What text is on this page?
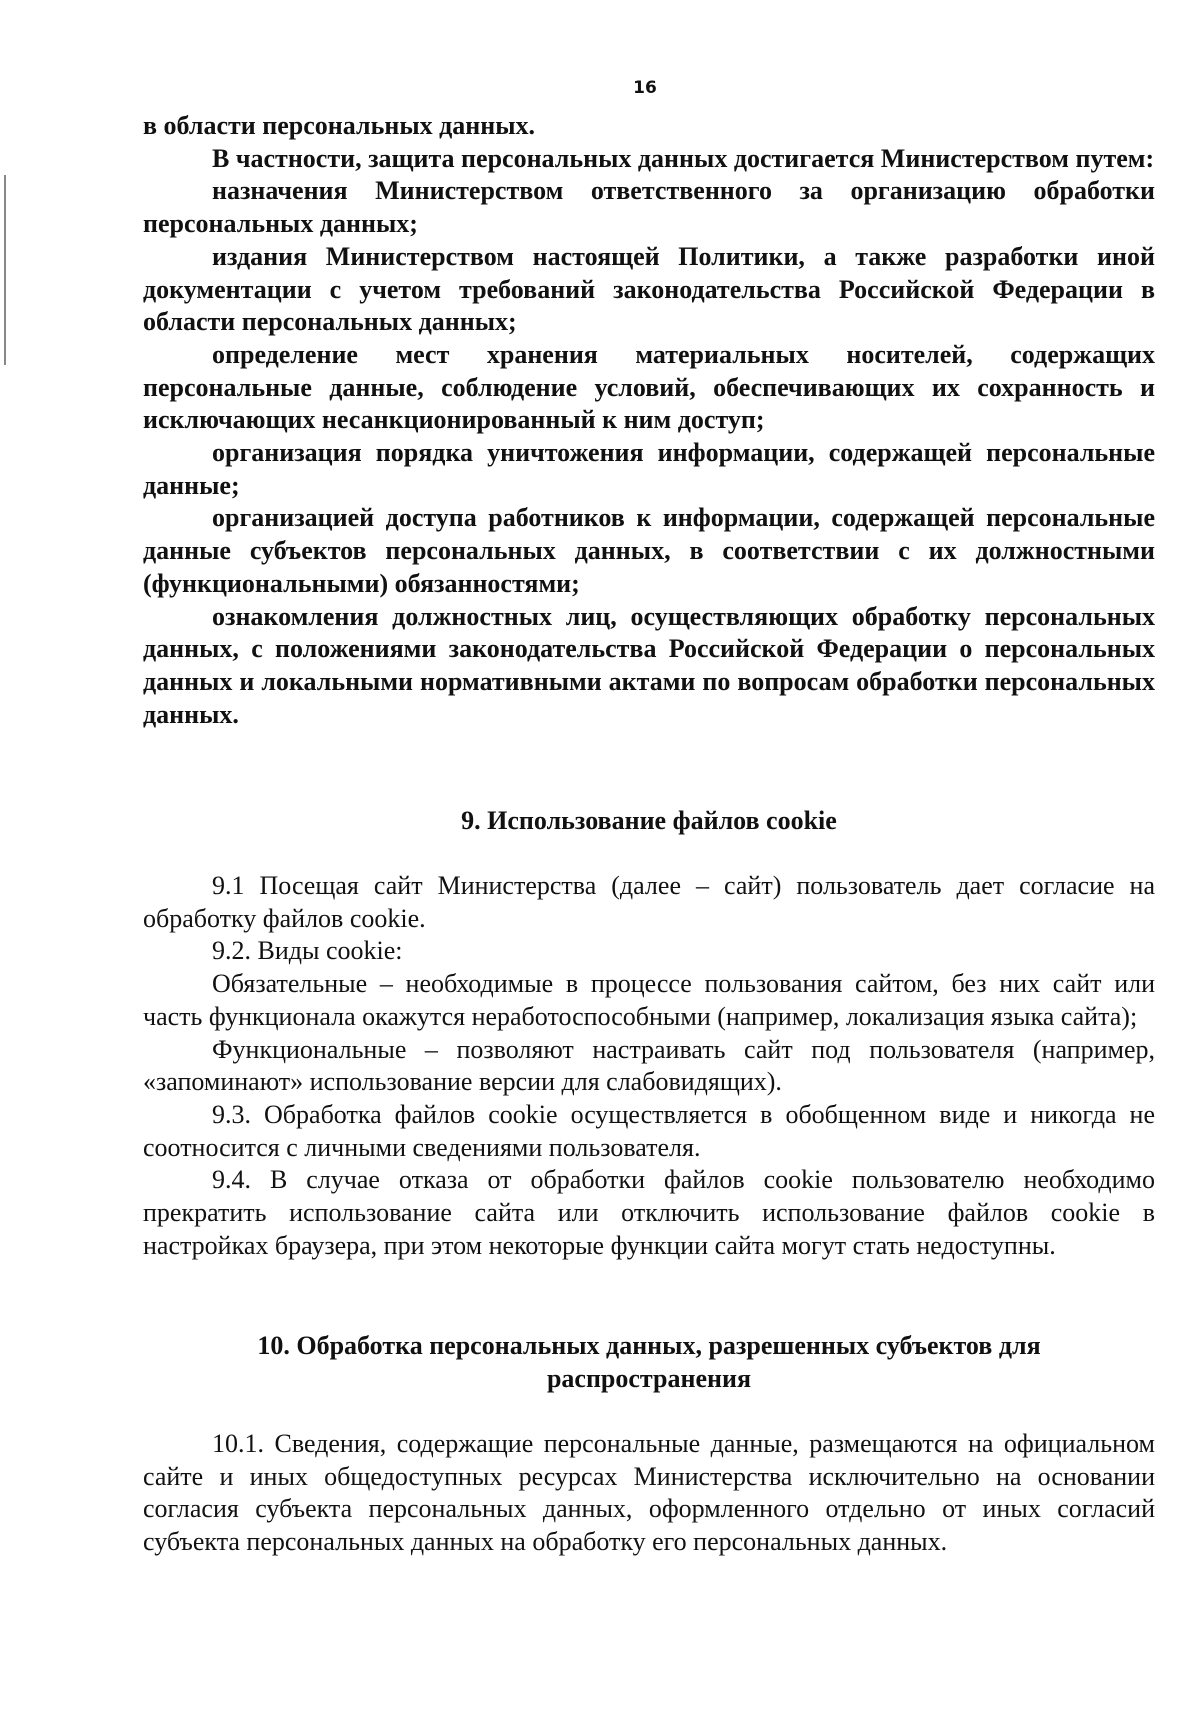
16

в области персональных данных.

В частности, защита персональных данных достигается Министерством путем:

назначения Министерством ответственного за организацию обработки персональных данных;

издания Министерством настоящей Политики, а также разработки иной документации с учетом требований законодательства Российской Федерации в области персональных данных;

определение мест хранения материальных носителей, содержащих персональные данные, соблюдение условий, обеспечивающих их сохранность и исключающих несанкционированный к ним доступ;

организация порядка уничтожения информации, содержащей персональные данные;

организацией доступа работников к информации, содержащей персональные данные субъектов персональных данных, в соответствии с их должностными (функциональными) обязанностями;

ознакомления должностных лиц, осуществляющих обработку персональных данных, с положениями законодательства Российской Федерации о персональных данных и локальными нормативными актами по вопросам обработки персональных данных.

9. Использование файлов cookie

9.1 Посещая сайт Министерства (далее – сайт) пользователь дает согласие на обработку файлов cookie.

9.2. Виды cookie:

Обязательные – необходимые в процессе пользования сайтом, без них сайт или часть функционала окажутся неработоспособными (например, локализация языка сайта);

Функциональные – позволяют настраивать сайт под пользователя (например, «запоминают» использование версии для слабовидящих).

9.3. Обработка файлов cookie осуществляется в обобщенном виде и никогда не соотносится с личными сведениями пользователя.

9.4. В случае отказа от обработки файлов cookie пользователю необходимо прекратить использование сайта или отключить использование файлов cookie в настройках браузера, при этом некоторые функции сайта могут стать недоступны.

10. Обработка персональных данных, разрешенных субъектов для
распространения

10.1. Сведения, содержащие персональные данные, размещаются на официальном сайте и иных общедоступных ресурсах Министерства исключительно на основании согласия субъекта персональных данных, оформленного отдельно от иных согласий субъекта персональных данных на обработку его персональных данных.
